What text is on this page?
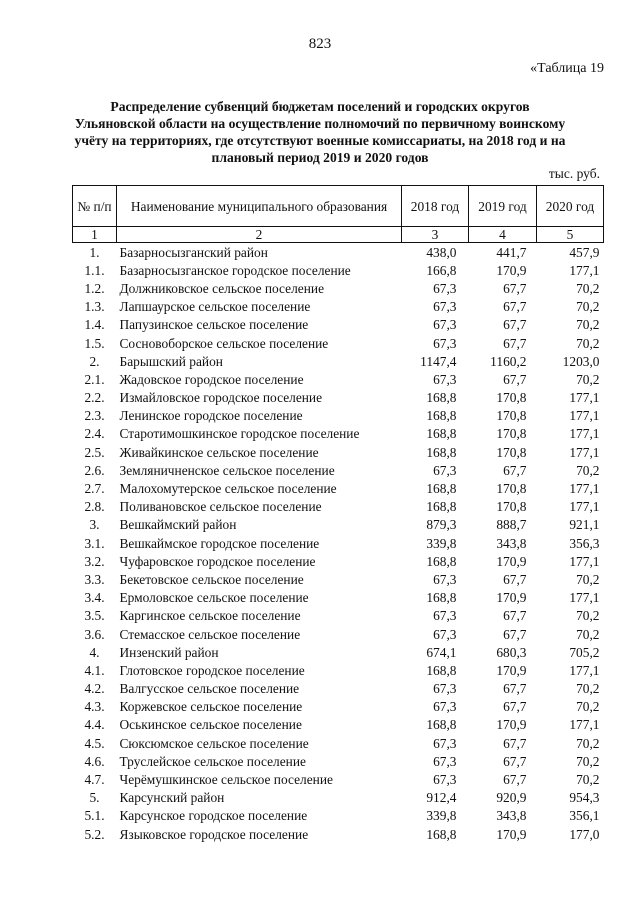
823
«Таблица 19
Распределение субвенций бюджетам поселений и городских округов Ульяновской области на осуществление полномочий по первичному воинскому учёту на территориях, где отсутствуют военные комиссариаты, на 2018 год и на плановый период 2019 и 2020 годов
тыс. руб.
№ п/п	Наименование муниципального образования	2018 год	2019 год	2020 год
1	2	3	4	5
1.	Базарносызганский район	438,0	441,7	457,9
1.1.	Базарносызганское городское поселение	166,8	170,9	177,1
1.2.	Должниковское сельское поселение	67,3	67,7	70,2
1.3.	Лапшаурское сельское поселение	67,3	67,7	70,2
1.4.	Папузинское сельское поселение	67,3	67,7	70,2
1.5.	Сосновоборское сельское поселение	67,3	67,7	70,2
2.	Барышский район	1147,4	1160,2	1203,0
2.1.	Жадовское городское поселение	67,3	67,7	70,2
2.2.	Измайловское городское поселение	168,8	170,8	177,1
2.3.	Ленинское городское поселение	168,8	170,8	177,1
2.4.	Старотимошкинское городское поселение	168,8	170,8	177,1
2.5.	Живайкинское сельское поселение	168,8	170,8	177,1
2.6.	Земляничненское сельское поселение	67,3	67,7	70,2
2.7.	Малохомутерское сельское поселение	168,8	170,8	177,1
2.8.	Поливановское сельское поселение	168,8	170,8	177,1
3.	Вешкаймский район	879,3	888,7	921,1
3.1.	Вешкаймское городское поселение	339,8	343,8	356,3
3.2.	Чуфаровское городское поселение	168,8	170,9	177,1
3.3.	Бекетовское сельское поселение	67,3	67,7	70,2
3.4.	Ермоловское сельское поселение	168,8	170,9	177,1
3.5.	Каргинское сельское поселение	67,3	67,7	70,2
3.6.	Стемасское сельское поселение	67,3	67,7	70,2
4.	Инзенский район	674,1	680,3	705,2
4.1.	Глотовское городское поселение	168,8	170,9	177,1
4.2.	Валгусское сельское поселение	67,3	67,7	70,2
4.3.	Коржевское сельское поселение	67,3	67,7	70,2
4.4.	Оськинское сельское поселение	168,8	170,9	177,1
4.5.	Сюксюмское сельское поселение	67,3	67,7	70,2
4.6.	Труслейское сельское поселение	67,3	67,7	70,2
4.7.	Черёмушкинское сельское поселение	67,3	67,7	70,2
5.	Карсунский район	912,4	920,9	954,3
5.1.	Карсунское городское поселение	339,8	343,8	356,1
5.2.	Языковское городское поселение	168,8	170,9	177,0
